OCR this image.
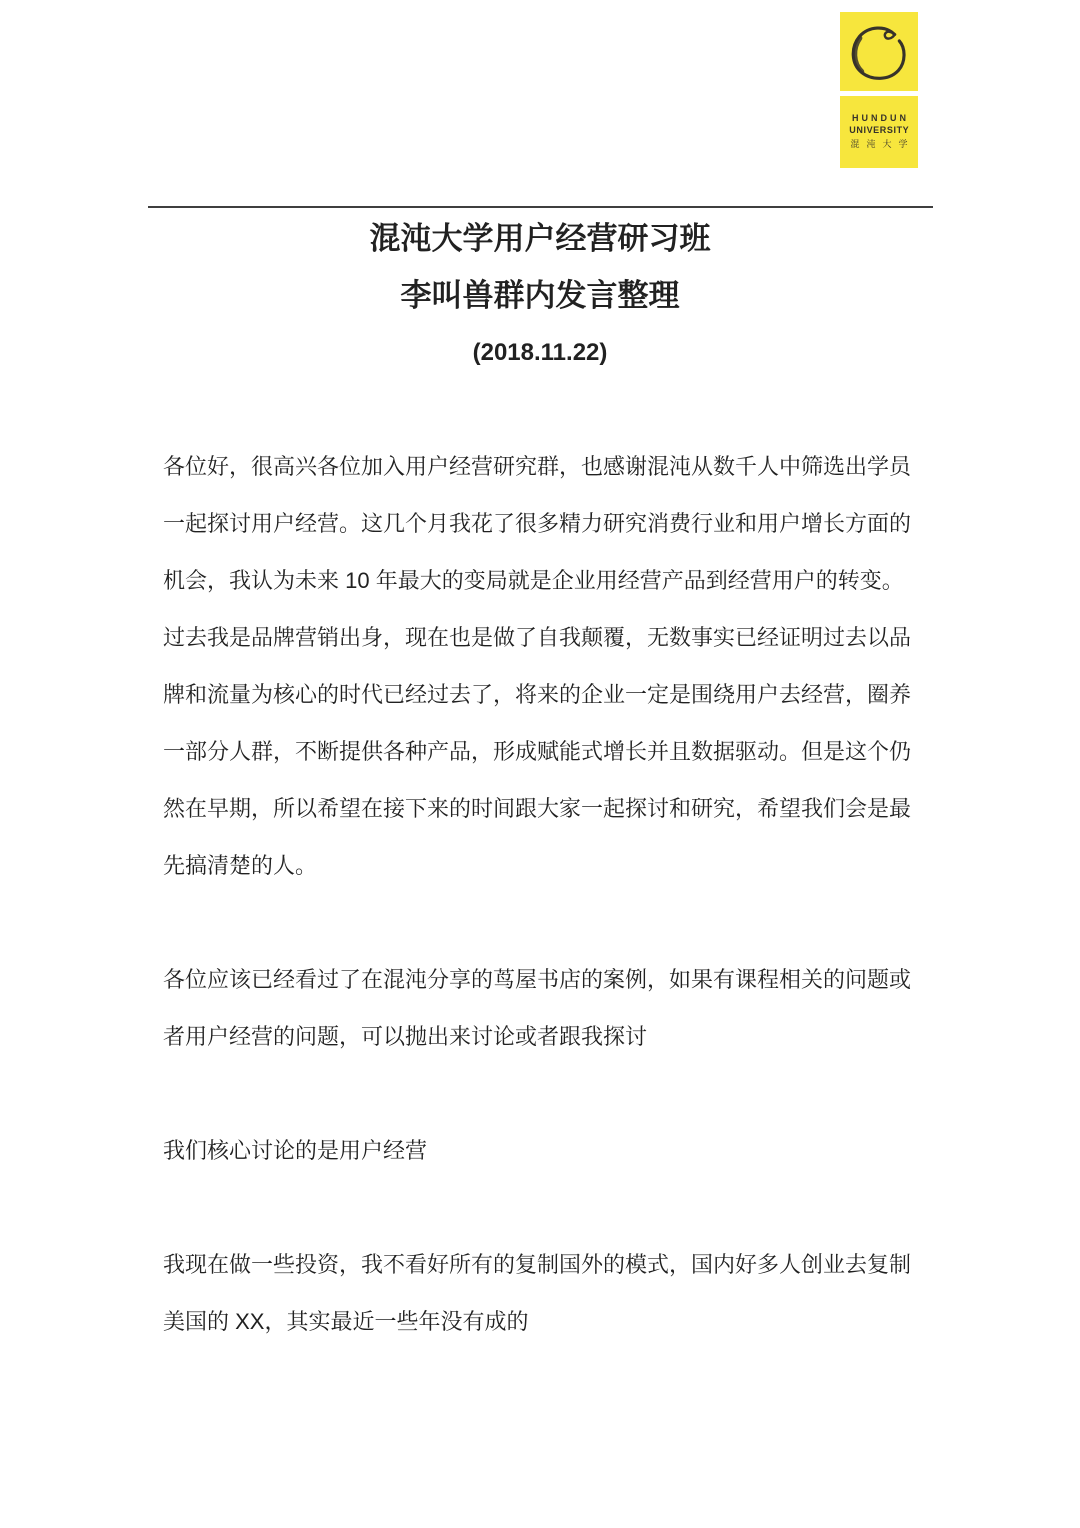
HUNDUN
UNIVERSITY
混沌大学
混沌大学用户经营研习班
李叫兽群内发言整理
(2018.11.22)
各位好，很高兴各位加入用户经营研究群，也感谢混沌从数千人中筛选出学员
一起探讨用户经营。这几个月我花了很多精力研究消费行业和用户增长方面的
机会，我认为未来 10 年最大的变局就是企业用经营产品到经营用户的转变。
过去我是品牌营销出身，现在也是做了自我颠覆，无数事实已经证明过去以品
牌和流量为核心的时代已经过去了，将来的企业一定是围绕用户去经营，圈养
一部分人群，不断提供各种产品，形成赋能式增长并且数据驱动。但是这个仍
然在早期，所以希望在接下来的时间跟大家一起探讨和研究，希望我们会是最
先搞清楚的人。
各位应该已经看过了在混沌分享的茑屋书店的案例，如果有课程相关的问题或
者用户经营的问题，可以抛出来讨论或者跟我探讨
我们核心讨论的是用户经营
我现在做一些投资，我不看好所有的复制国外的模式，国内好多人创业去复制
美国的 XX，其实最近一些年没有成的
